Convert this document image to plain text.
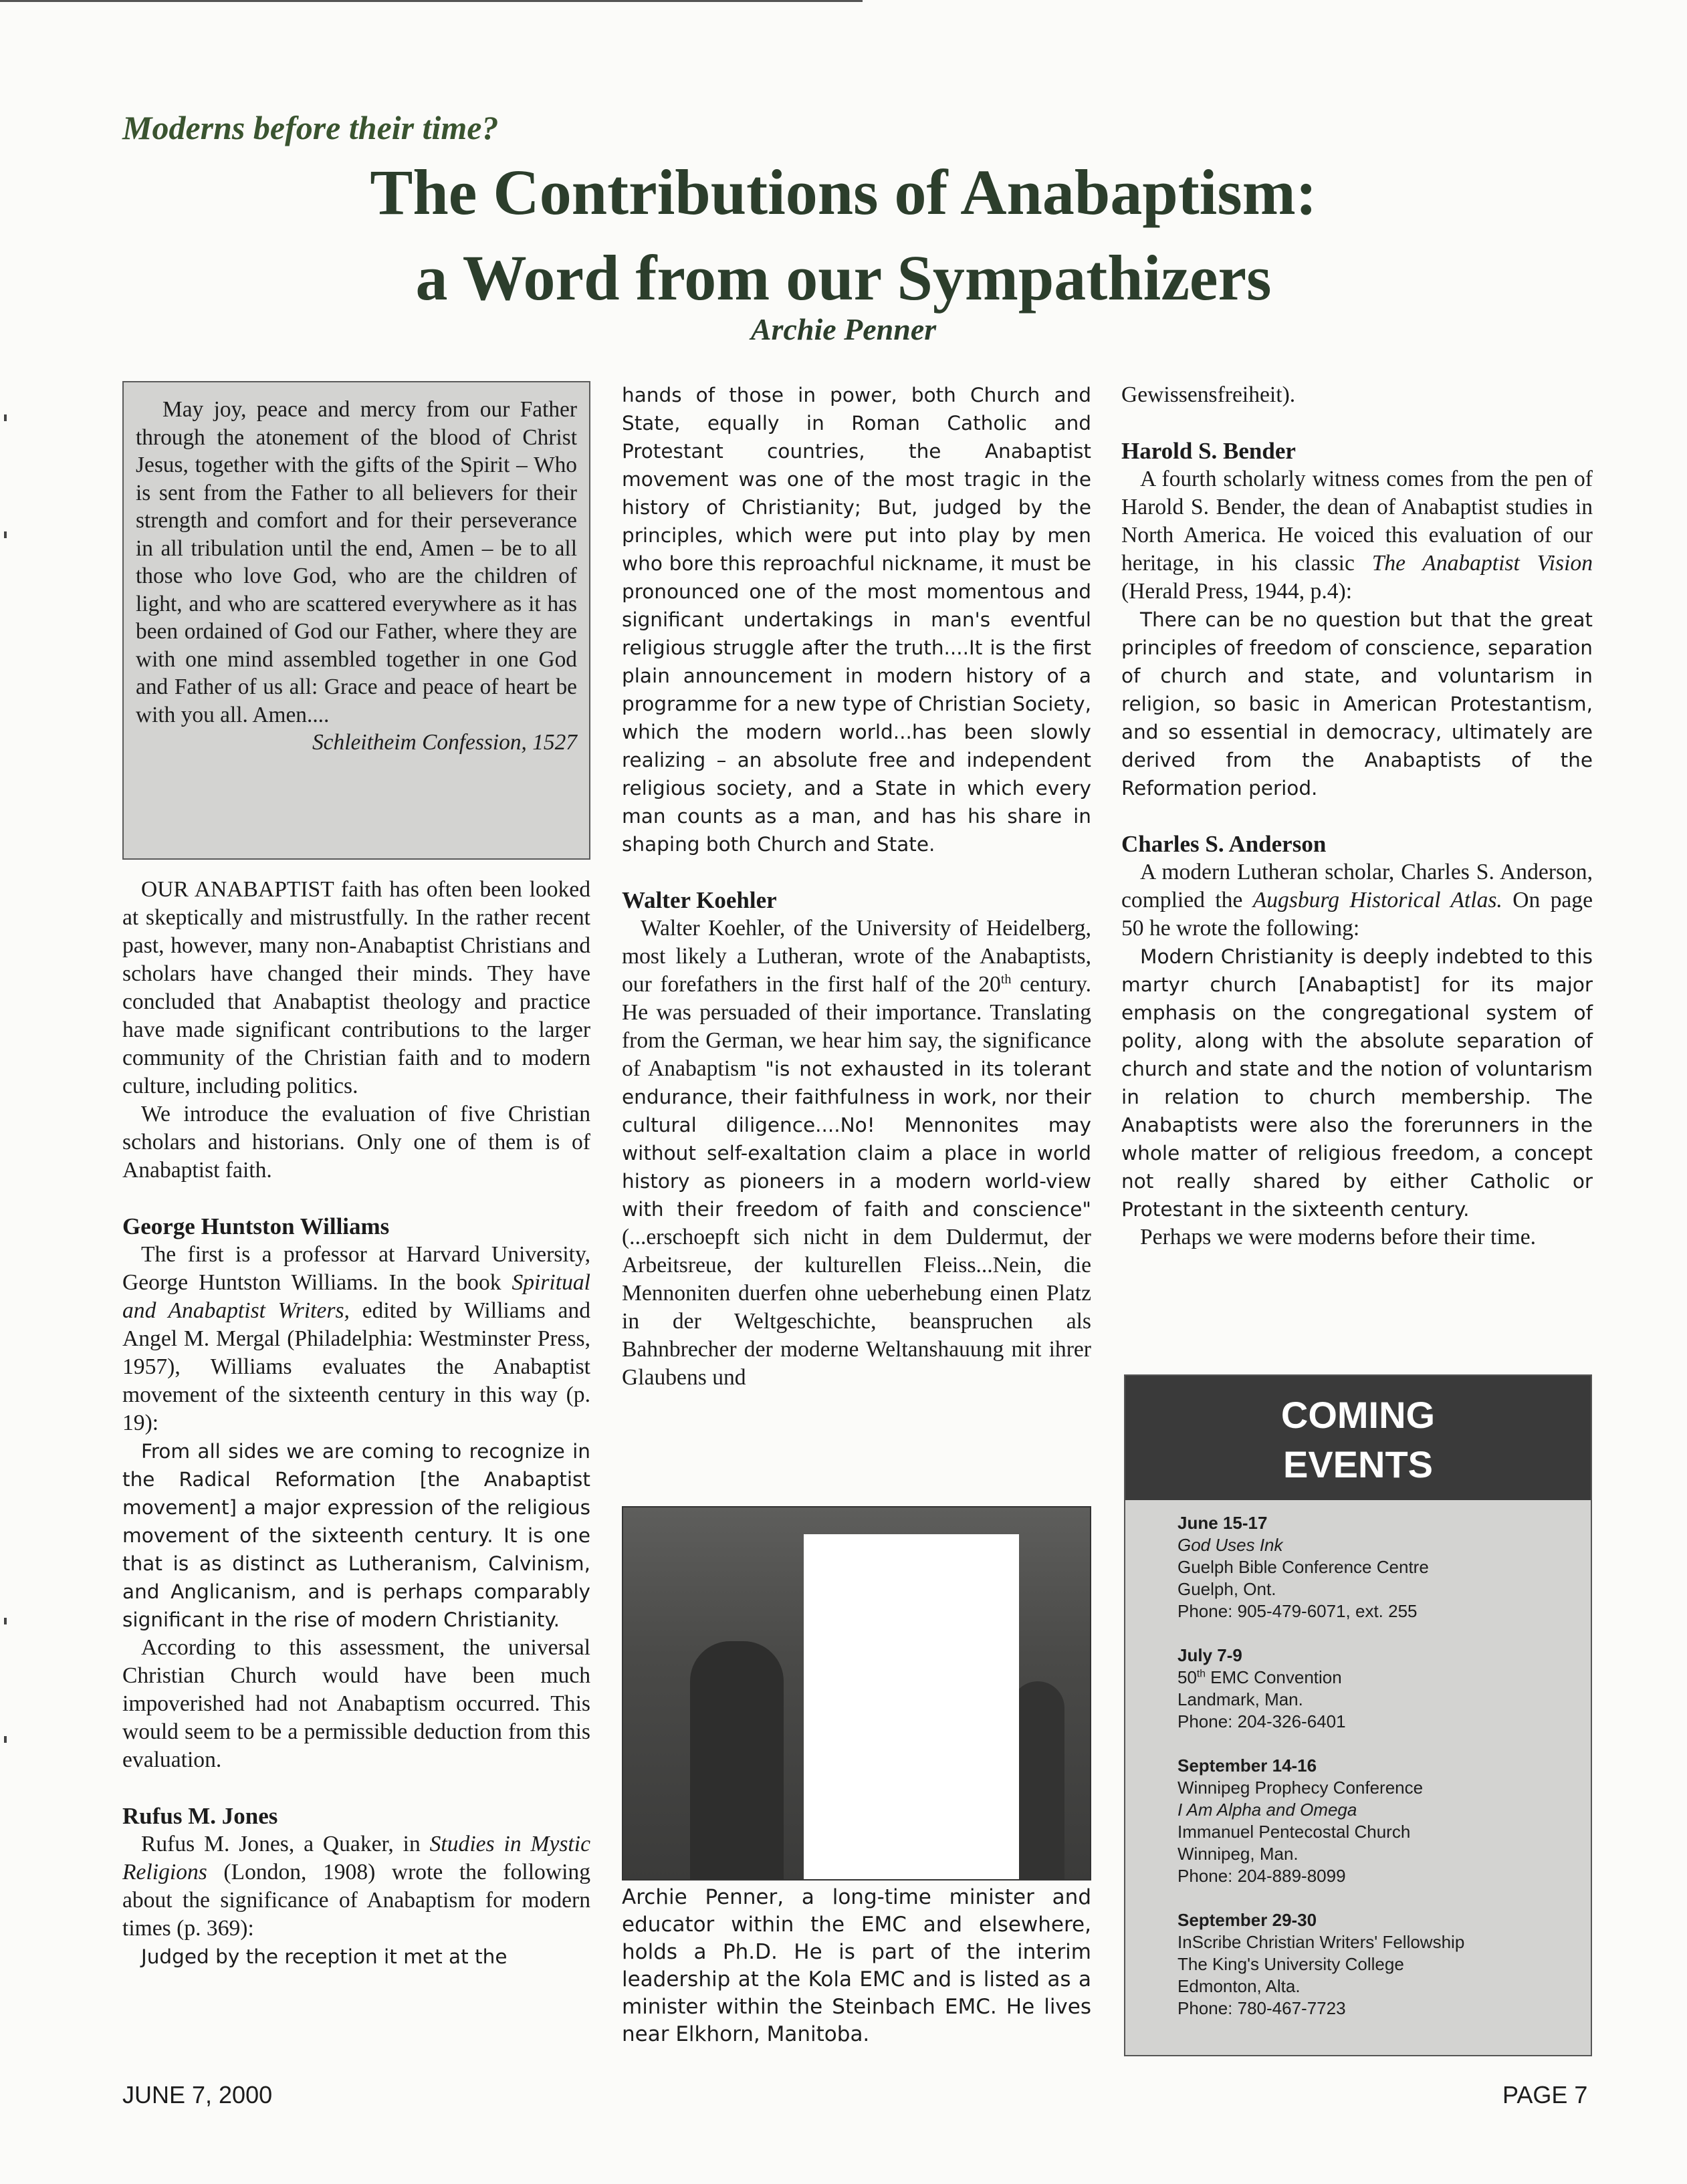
Moderns before their time?
The Contributions of Anabaptism:
a Word from our Sympathizers
Archie Penner

May joy, peace and mercy from our Father through the atonement of the blood of Christ Jesus, together with the gifts of the Spirit – Who is sent from the Father to all believers for their strength and comfort and for their perseverance in all tribulation until the end, Amen – be to all those who love God, who are the children of light, and who are scattered everywhere as it has been ordained of God our Father, where they are with one mind assembled together in one God and Father of us all: Grace and peace of heart be with you all. Amen....

Schleitheim Confession, 1527

OUR ANABAPTIST faith has often been looked at skeptically and mistrustfully. In the rather recent past, however, many non-Anabaptist Christians and scholars have changed their minds. They have concluded that Anabaptist theology and practice have made significant contributions to the larger community of the Christian faith and to modern culture, including politics.

We introduce the evaluation of five Christian scholars and historians. Only one of them is of Anabaptist faith.

George Huntston Williams

The first is a professor at Harvard University, George Huntston Williams. In the book Spiritual and Anabaptist Writers, edited by Williams and Angel M. Mergal (Philadelphia: Westminster Press, 1957), Williams evaluates the Anabaptist movement of the sixteenth century in this way (p. 19):

From all sides we are coming to recognize in the Radical Reformation [the Anabaptist movement] a major expression of the religious movement of the sixteenth century. It is one that is as distinct as Lutheranism, Calvinism, and Anglicanism, and is perhaps comparably significant in the rise of modern Christianity.

According to this assessment, the universal Christian Church would have been much impoverished had not Anabaptism occurred. This would seem to be a permissible deduction from this evaluation.

Rufus M. Jones

Rufus M. Jones, a Quaker, in Studies in Mystic Religions (London, 1908) wrote the following about the significance of Anabaptism for modern times (p. 369):

Judged by the reception it met at the

hands of those in power, both Church and State, equally in Roman Catholic and Protestant countries, the Anabaptist movement was one of the most tragic in the history of Christianity; But, judged by the principles, which were put into play by men who bore this reproachful nickname, it must be pronounced one of the most momentous and significant undertakings in man's eventful religious struggle after the truth....It is the first plain announcement in modern history of a programme for a new type of Christian Society, which the modern world...has been slowly realizing – an absolute free and independent religious society, and a State in which every man counts as a man, and has his share in shaping both Church and State.
Walter Koehler

Walter Koehler, of the University of Heidelberg, most likely a Lutheran, wrote of the Anabaptists, our forefathers in the first half of the 20th century. He was persuaded of their importance. Translating from the German, we hear him say, the significance of Anabaptism "is not exhausted in its tolerant endurance, their faithfulness in work, nor their cultural diligence....No! Mennonites may without self-exaltation claim a place in world history as pioneers in a modern world-view with their freedom of faith and conscience" (...erschoepft sich nicht in dem Duldermut, der Arbeitsreue, der kulturellen Fleiss...Nein, die Mennoniten duerfen ohne ueberhebung einen Platz in der Weltgeschichte, beanspruchen als Bahnbrecher der moderne Weltanshauung mit ihrer Glaubens und

Archie Penner, a long-time minister and educator within the EMC and elsewhere, holds a Ph.D. He is part of the interim leadership at the Kola EMC and is listed as a minister within the Steinbach EMC. He lives near Elkhorn, Manitoba.
Gewissensfreiheit).
Harold S. Bender

A fourth scholarly witness comes from the pen of Harold S. Bender, the dean of Anabaptist studies in North America. He voiced this evaluation of our heritage, in his classic The Anabaptist Vision (Herald Press, 1944, p.4):

There can be no question but that the great principles of freedom of conscience, separation of church and state, and voluntarism in religion, so basic in American Protestantism, and so essential in democracy, ultimately are derived from the Anabaptists of the Reformation period.

Charles S. Anderson

A modern Lutheran scholar, Charles S. Anderson, complied the Augsburg Historical Atlas. On page 50 he wrote the following:

Modern Christianity is deeply indebted to this martyr church [Anabaptist] for its major emphasis on the congregational system of polity, along with the absolute separation of church and state and the notion of voluntarism in relation to church membership. The Anabaptists were also the forerunners in the whole matter of religious freedom, a concept not really shared by either Catholic or Protestant in the sixteenth century.

Perhaps we were moderns before their time.

COMING
EVENTS
June 15-17
God Uses Ink
Guelph Bible Conference Centre
Guelph, Ont.
Phone: 905-479-6071, ext. 255
July 7-9
50th EMC Convention
Landmark, Man.
Phone: 204-326-6401
September 14-16
Winnipeg Prophecy Conference
I Am Alpha and Omega
Immanuel Pentecostal Church
Winnipeg, Man.
Phone: 204-889-8099
September 29-30
InScribe Christian Writers' Fellowship
The King's University College
Edmonton, Alta.
Phone: 780-467-7723
JUNE 7, 2000	PAGE 7
